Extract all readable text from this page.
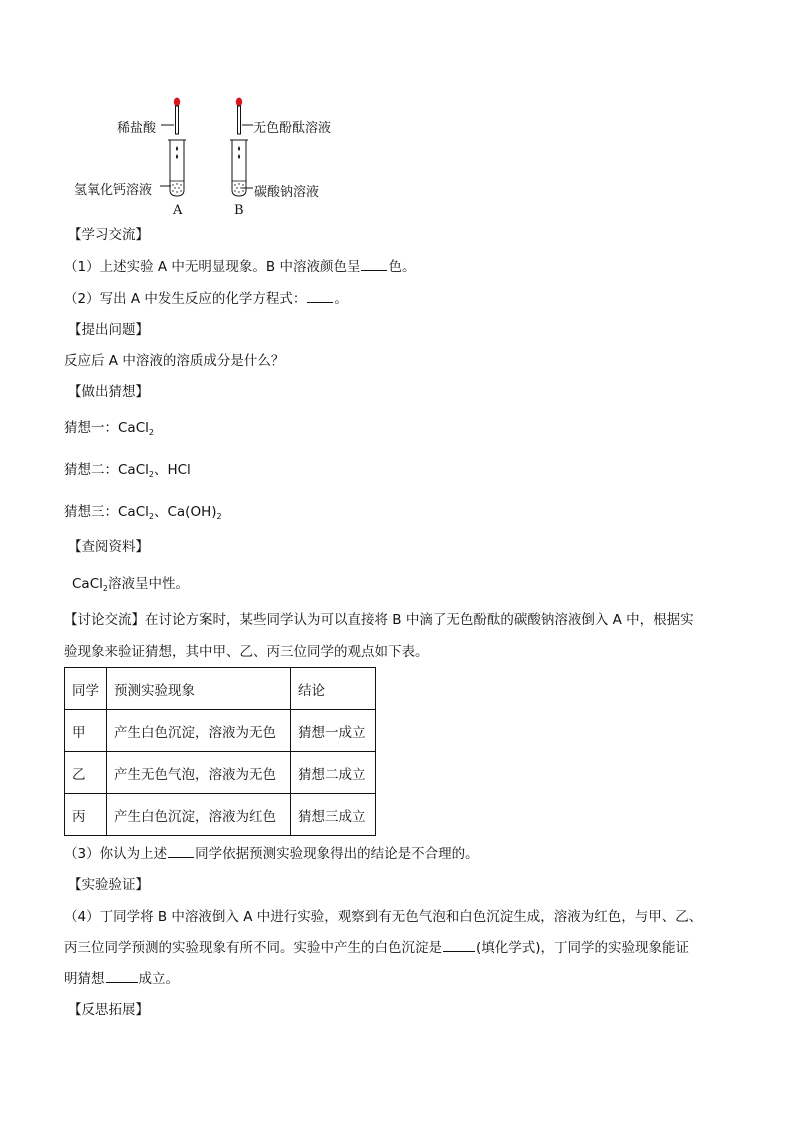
稀盐酸	无色酚酞溶液
氢氧化钙溶液	碳酸钠溶液
A	B
【学习交流】
（1）上述实验 A 中无明显现象。B 中溶液颜色呈 色。
（2）写出 A 中发生反应的化学方程式： 。
【提出问题】
反应后 A 中溶液的溶质成分是什么？
【做出猜想】
猜想一：CaCl$_2$
猜想二：CaCl$_2$、HCl
猜想三：CaCl$_2$、$Ca(OH)_2$
【查阅资料】
CaCl$_2$溶液呈中性。
【讨论交流】在讨论方案时，某些同学认为可以直接将 B 中滴了无色酚酞的碳酸钠溶液倒入 A 中，根据实
验现象来验证猜想，其中甲、乙、丙三位同学的观点如下表。
同学	预测实验现象	结论
甲	产生白色沉淀，溶液为无色	猜想一成立
乙	产生无色气泡，溶液为无色	猜想二成立
丙	产生白色沉淀，溶液为红色	猜想三成立
（3）你认为上述 同学依据预测实验现象得出的结论是不合理的。
【实验验证】
（4）丁同学将 B 中溶液倒入 A 中进行实验，观察到有无色气泡和白色沉淀生成，溶液为红色，与甲、乙、
丙三位同学预测的实验现象有所不同。实验中产生的白色沉淀是	(填化学式)，丁同学的实验现象能证
明猜想	成立。
【反思拓展】
